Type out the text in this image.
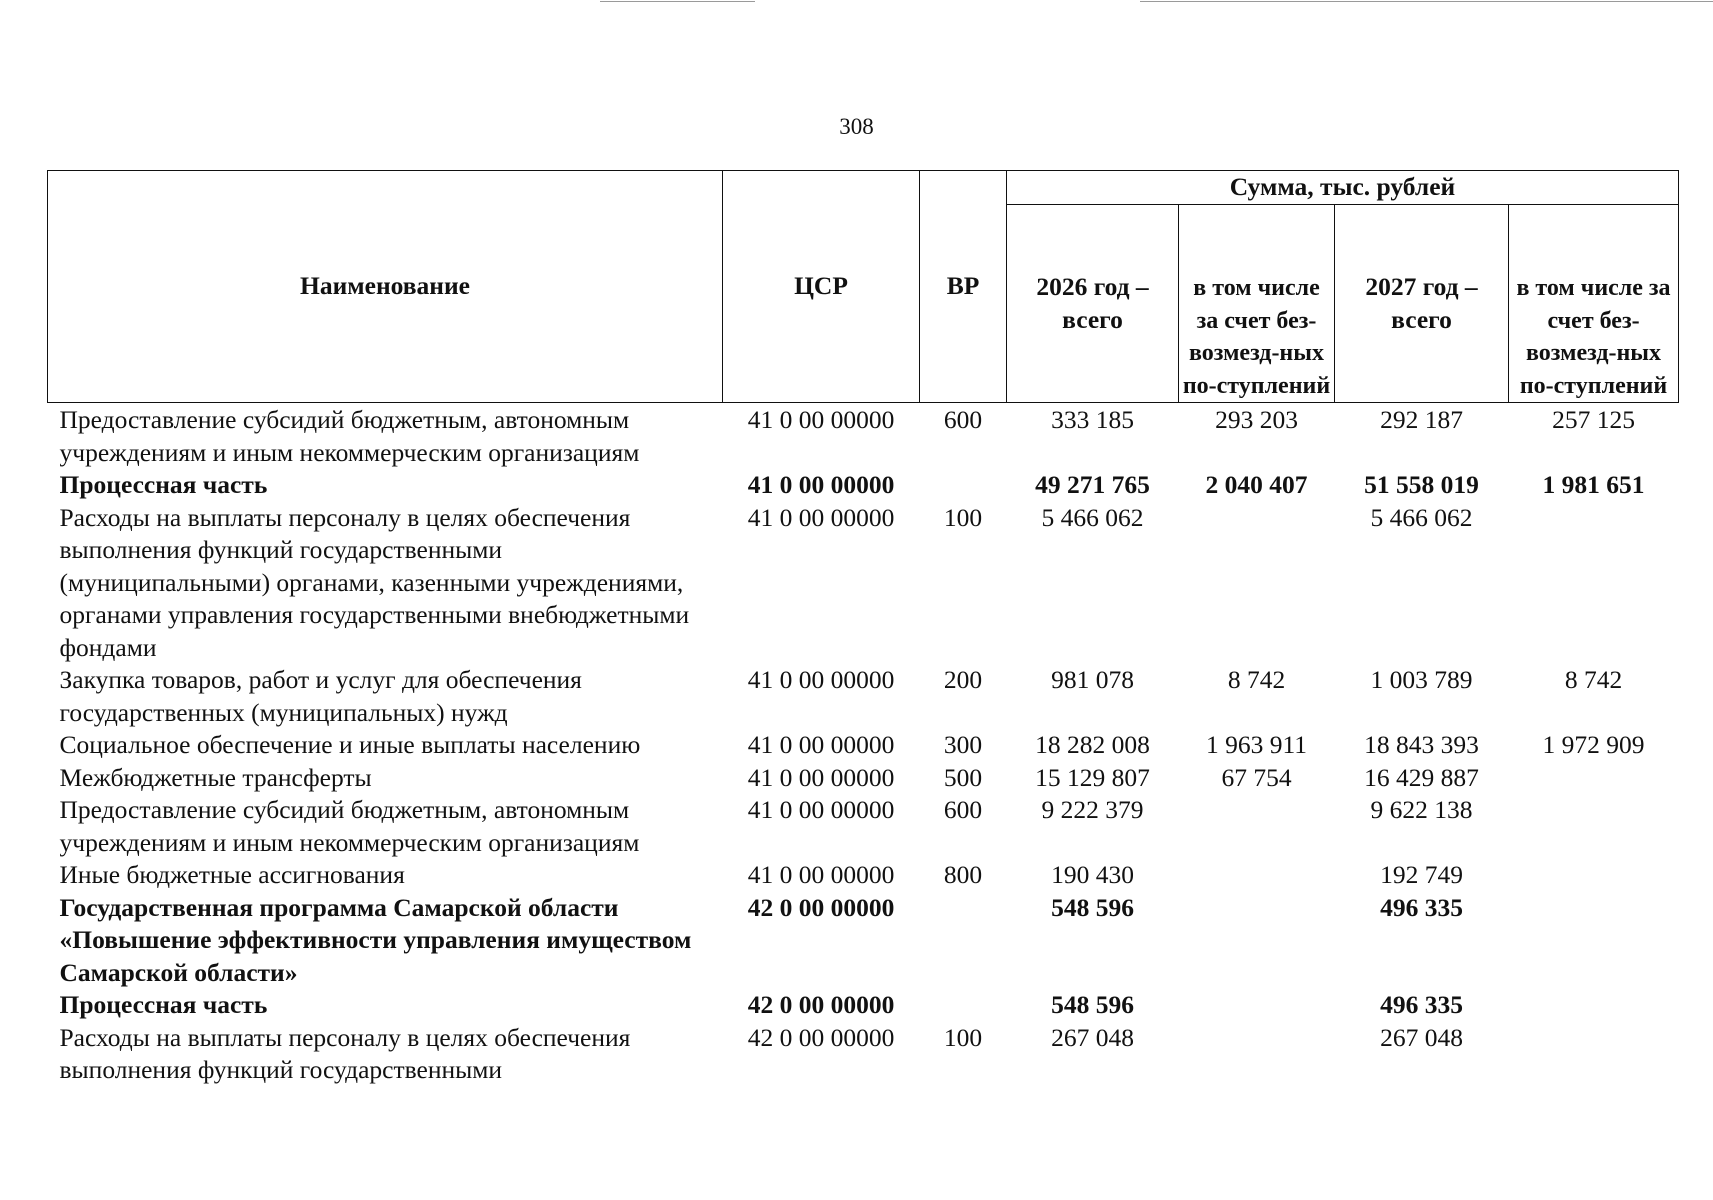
308
Наименование	ЦСР	ВР	Сумма, тыс. рублей			
			2026 год – всего	в том числе за счет без-возмезд-ных по-ступлений	2027 год – всего	в том числе за счет без-возмезд-ных по-ступлений
Предоставление субсидий бюджетным, автономным учреждениям и иным некоммерческим организациям	41 0 00 00000	600	333 185	293 203	292 187	257 125
Процессная часть	41 0 00 00000		49 271 765	2 040 407	51 558 019	1 981 651
Расходы на выплаты персоналу в целях обеспечения выполнения функций государственными (муниципальными) органами, казенными учреждениями, органами управления государственными внебюджетными фондами	41 0 00 00000	100	5 466 062		5 466 062	
Закупка товаров, работ и услуг для обеспечения государственных (муниципальных) нужд	41 0 00 00000	200	981 078	8 742	1 003 789	8 742
Социальное обеспечение и иные выплаты населению	41 0 00 00000	300	18 282 008	1 963 911	18 843 393	1 972 909
Межбюджетные трансферты	41 0 00 00000	500	15 129 807	67 754	16 429 887	
Предоставление субсидий бюджетным, автономным учреждениям и иным некоммерческим организациям	41 0 00 00000	600	9 222 379		9 622 138	
Иные бюджетные ассигнования	41 0 00 00000	800	190 430		192 749	
Государственная программа Самарской области «Повышение эффективности управления имуществом Самарской области»	42 0 00 00000		548 596		496 335	
Процессная часть	42 0 00 00000		548 596		496 335	
Расходы на выплаты персоналу в целях обеспечения выполнения функций государственными	42 0 00 00000	100	267 048		267 048	
